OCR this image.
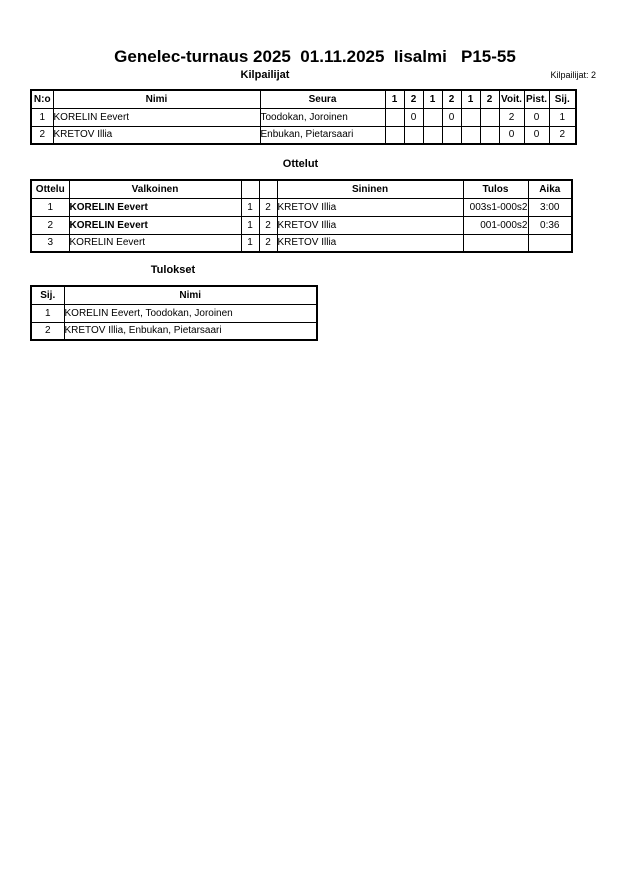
Genelec-turnaus 2025  01.11.2025  Iisalmi   P15-55
Kilpailijat	Kilpailijat: 2
N:o	Nimi	Seura	1	2	1	2	1	2	Voit.	Pist.	Sij.
1	KORELIN Eevert	Toodokan, Joroinen		0		0			2	0	1
2	KRETOV Illia	Enbukan, Pietarsaari							0	0	2
Ottelut
Ottelu	Valkoinen			Sininen	Tulos	Aika
1	KORELIN Eevert	1	2	KRETOV Illia	003s1-000s2	3:00
2	KORELIN Eevert	1	2	KRETOV Illia	001-000s2	0:36
3	KORELIN Eevert	1	2	KRETOV Illia		
Tulokset
Sij.	Nimi
1	KORELIN Eevert, Toodokan, Joroinen
2	KRETOV Illia, Enbukan, Pietarsaari
